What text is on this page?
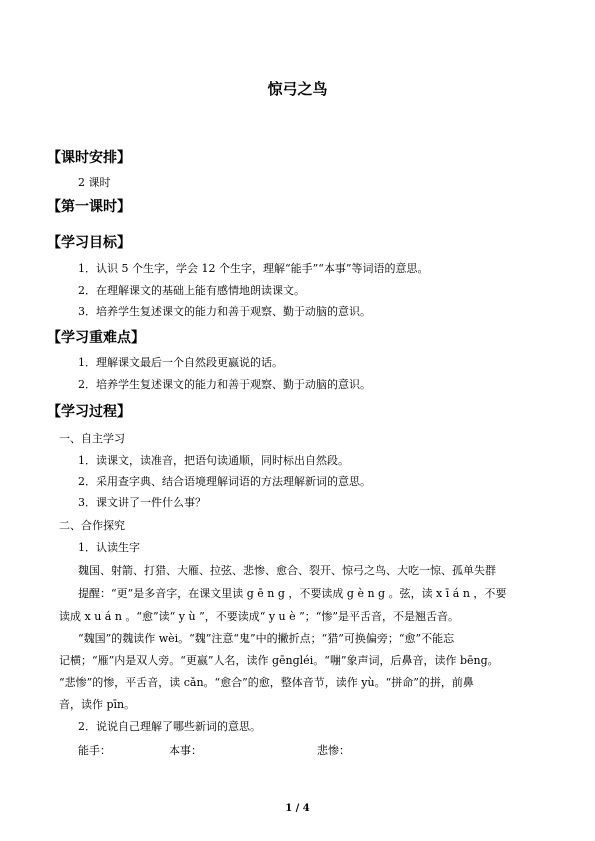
惊弓之鸟
【课时安排】
2 课时
【第一课时】
【学习目标】
1．认识 5 个生字，学会 12 个生字，理解“能手”“本事”等词语的意思。
2．在理解课文的基础上能有感情地朗读课文。
3．培养学生复述课文的能力和善于观察、勤于动脑的意识。
【学习重难点】
1．理解课文最后一个自然段更嬴说的话。
2．培养学生复述课文的能力和善于观察、勤于动脑的意识。
【学习过程】
一、自主学习
1．读课文，读准音，把语句读通顺，同时标出自然段。
2．采用查字典、结合语境理解词语的方法理解新词的意思。
3．课文讲了一件什么事？
二、合作探究
1．认读生字
魏国、射箭、打猎、大雁、拉弦、悲惨、愈合、裂开、惊弓之鸟、大吃一惊、孤单失群
提醒：“更”是多音字，在课文里读 g ē n g ，不要读成 g è n g 。弦，读 x ī á n ，不要
读成 x u á n 。“愈”读“ y ù ”，不要读成“ y u è ”；“惨”是平舌音，不是翘舌音。
“魏国”的魏读作 wèi。“魏”注意“鬼”中的撇折点；“猎”可换偏旁；“愈”不能忘
记横；“雁”内是双人旁。“更嬴”人名，读作 gēnɡléi。“嘣”象声词，后鼻音，读作 bēnɡ。
“悲惨”的惨，平舌音，读 cǎn。“愈合”的愈，整体音节，读作 yù。“拼命”的拼，前鼻
音，读作 pīn。
2．说说自己理解了哪些新词的意思。
能手：	本事：	悲惨：
1 / 4
